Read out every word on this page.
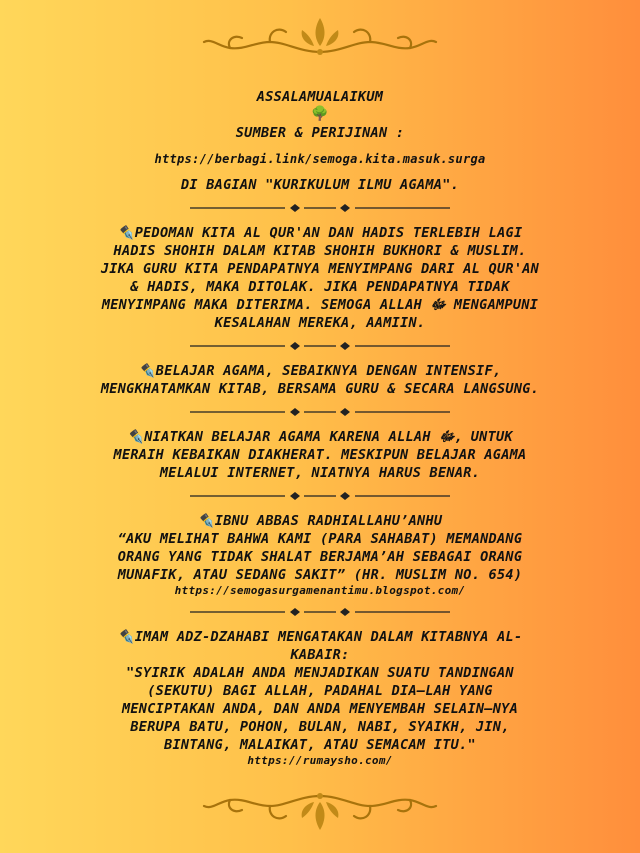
ASSALAMUALAIKUM

🌳

SUMBER & PERIJINAN :

https://berbagi.link/semoga.kita.masuk.surga

DI BAGIAN "KURIKULUM ILMU AGAMA".

✒️PEDOMAN KITA AL QUR'AN DAN HADIS TERLEBIH LAGI

HADIS SHOHIH DALAM KITAB SHOHIH BUKHORI & MUSLIM.

JIKA GURU KITA PENDAPATNYA MENYIMPANG DARI AL QUR'AN

& HADIS, MAKA DITOLAK. JIKA PENDAPATNYA TIDAK

MENYIMPANG MAKA DITERIMA. SEMOGA ALLAH ﷻ MENGAMPUNI

KESALAHAN MEREKA, AAMIIN.

✒️BELAJAR AGAMA, SEBAIKNYA DENGAN INTENSIF,

MENGKHATAMKAN KITAB, BERSAMA GURU & SECARA LANGSUNG.

✒️NIATKAN BELAJAR AGAMA KARENA ALLAH ﷻ, UNTUK

MERAIH KEBAIKAN DIAKHERAT. MESKIPUN BELAJAR AGAMA

MELALUI INTERNET, NIATNYA HARUS BENAR.

✒️IBNU ABBAS RADHIALLAHU’ANHU

“AKU MELIHAT BAHWA KAMI (PARA SAHABAT) MEMANDANG

ORANG YANG TIDAK SHALAT BERJAMA’AH SEBAGAI ORANG

MUNAFIK, ATAU SEDANG SAKIT” (HR. MUSLIM NO. 654)

https://semogasurgamenantimu.blogspot.com/

✒️IMAM ADZ-DZAHABI MENGATAKAN DALAM KITABNYA AL-

KABAIR:

"SYIRIK ADALAH ANDA MENJADIKAN SUATU TANDINGAN

(SEKUTU) BAGI ALLAH, PADAHAL DIA—LAH YANG

MENCIPTAKAN ANDA, DAN ANDA MENYEMBAH SELAIN—NYA

BERUPA BATU, POHON, BULAN, NABI, SYAIKH, JIN,

BINTANG, MALAIKAT, ATAU SEMACAM ITU."

https://rumaysho.com/
